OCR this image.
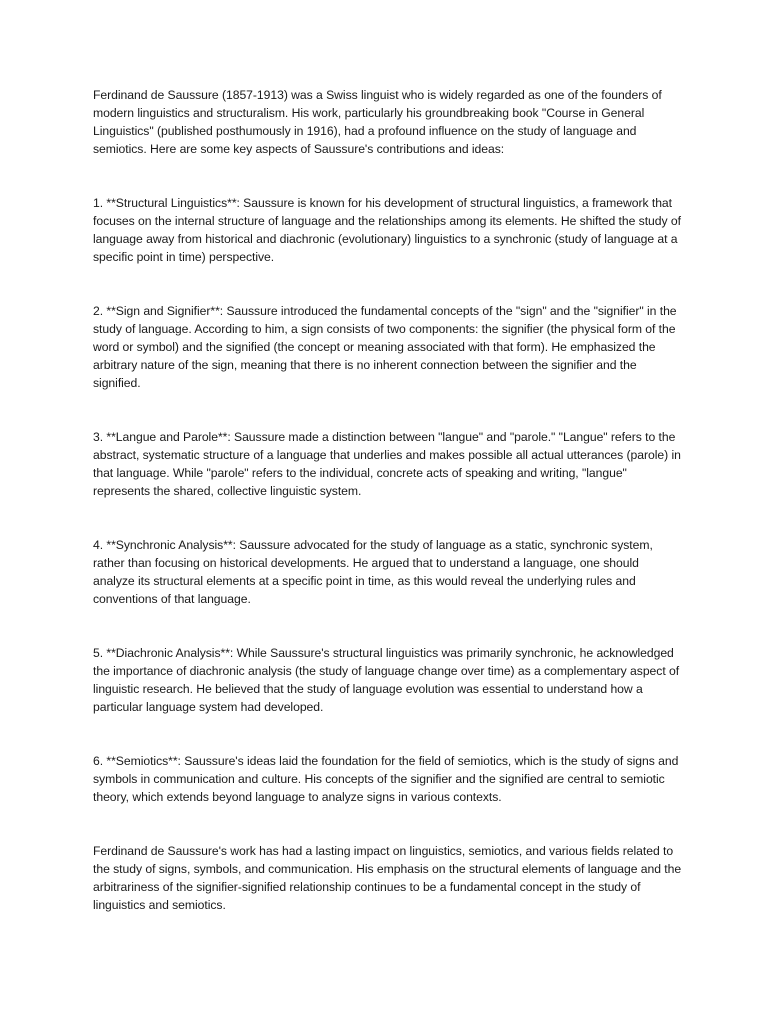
Ferdinand de Saussure (1857-1913) was a Swiss linguist who is widely regarded as one of the founders of modern linguistics and structuralism. His work, particularly his groundbreaking book "Course in General Linguistics" (published posthumously in 1916), had a profound influence on the study of language and semiotics. Here are some key aspects of Saussure's contributions and ideas:

1. **Structural Linguistics**: Saussure is known for his development of structural linguistics, a framework that focuses on the internal structure of language and the relationships among its elements. He shifted the study of language away from historical and diachronic (evolutionary) linguistics to a synchronic (study of language at a specific point in time) perspective.

2. **Sign and Signifier**: Saussure introduced the fundamental concepts of the "sign" and the "signifier" in the study of language. According to him, a sign consists of two components: the signifier (the physical form of the word or symbol) and the signified (the concept or meaning associated with that form). He emphasized the arbitrary nature of the sign, meaning that there is no inherent connection between the signifier and the signified.

3. **Langue and Parole**: Saussure made a distinction between "langue" and "parole." "Langue" refers to the abstract, systematic structure of a language that underlies and makes possible all actual utterances (parole) in that language. While "parole" refers to the individual, concrete acts of speaking and writing, "langue" represents the shared, collective linguistic system.

4. **Synchronic Analysis**: Saussure advocated for the study of language as a static, synchronic system, rather than focusing on historical developments. He argued that to understand a language, one should analyze its structural elements at a specific point in time, as this would reveal the underlying rules and conventions of that language.

5. **Diachronic Analysis**: While Saussure's structural linguistics was primarily synchronic, he acknowledged the importance of diachronic analysis (the study of language change over time) as a complementary aspect of linguistic research. He believed that the study of language evolution was essential to understand how a particular language system had developed.

6. **Semiotics**: Saussure's ideas laid the foundation for the field of semiotics, which is the study of signs and symbols in communication and culture. His concepts of the signifier and the signified are central to semiotic theory, which extends beyond language to analyze signs in various contexts.

Ferdinand de Saussure's work has had a lasting impact on linguistics, semiotics, and various fields related to the study of signs, symbols, and communication. His emphasis on the structural elements of language and the arbitrariness of the signifier-signified relationship continues to be a fundamental concept in the study of linguistics and semiotics.
